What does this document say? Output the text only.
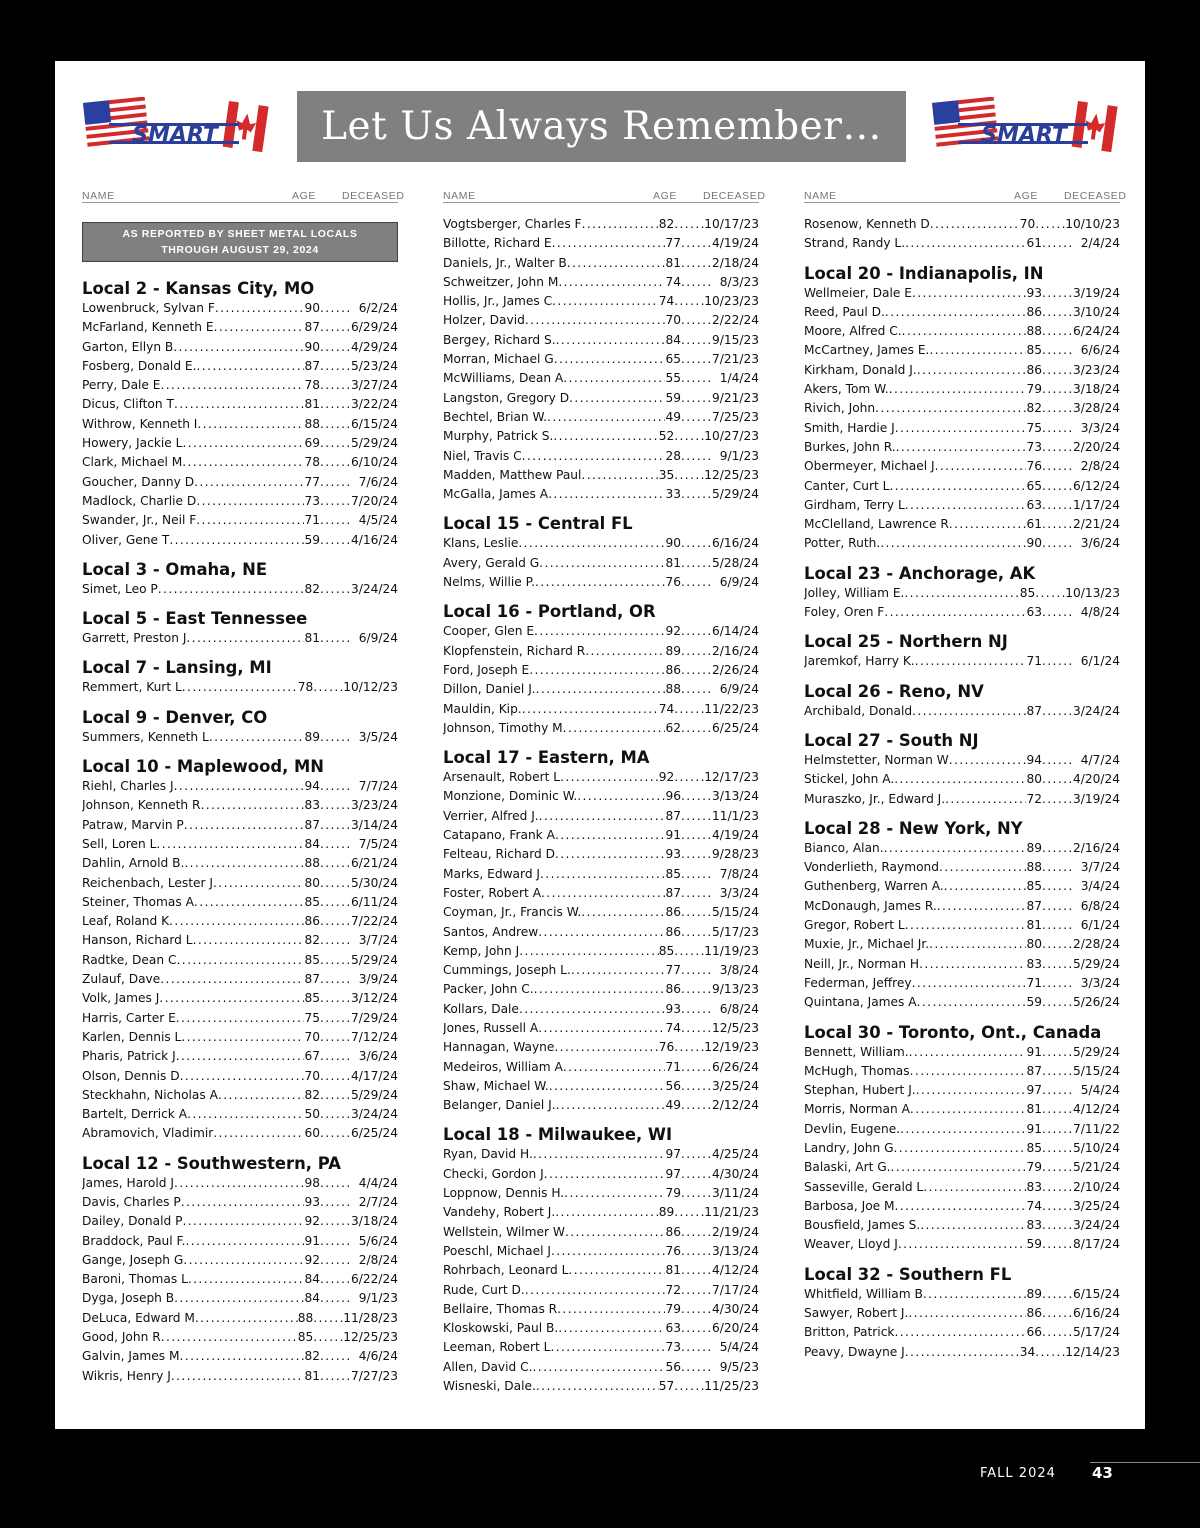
SMART	Let Us Always Remember…	SMART
NAME	AGE	DECEASED
AS REPORTED BY SHEET METAL LOCALS
THROUGH AUGUST 29, 2024
Local 2 - Kansas City, MO
Lowenbruck, Sylvan F .....	90 .....	6/2/24
McFarland, Kenneth E .....	87 .....	6/29/24
Garton, Ellyn B .....	90 .....	4/29/24
Fosberg, Donald E. .....	87 .....	5/23/24
Perry, Dale E .....	78 .....	3/27/24
Dicus, Clifton T .....	81 .....	3/22/24
Withrow, Kenneth I .....	88 .....	6/15/24
Howery, Jackie L .....	69 .....	5/29/24
Clark, Michael M .....	78 .....	6/10/24
Goucher, Danny D .....	77 .....	7/6/24
Madlock, Charlie D .....	73 .....	7/20/24
Swander, Jr., Neil F .....	71 .....	4/5/24
Oliver, Gene T .....	59 .....	4/16/24
Local 3 - Omaha, NE
Simet, Leo P .....	82 .....	3/24/24
Local 5 - East Tennessee
Garrett, Preston J .....	81 .....	6/9/24
Local 7 - Lansing, MI
Remmert, Kurt L .....	78 ..... 10/12/23
Local 9 - Denver, CO
Summers, Kenneth L .....	89 .....	3/5/24
Local 10 - Maplewood, MN
Riehl, Charles J .....	94 .....	7/7/24
Johnson, Kenneth R .....	83 .....	3/23/24
Patraw, Marvin P .....	87 .....	3/14/24
Sell, Loren L .....	84 .....	7/5/24
Dahlin, Arnold B. .....	88 .....	6/21/24
Reichenbach, Lester J .....	80 .....	5/30/24
Steiner, Thomas A .....	85 .....	6/11/24
Leaf, Roland K .....	86 .....	7/22/24
Hanson, Richard L .....	82 .....	3/7/24
Radtke, Dean C .....	85 .....	5/29/24
Zulauf, Dave .....	87 .....	3/9/24
Volk, James J .....	85 .....	3/12/24
Harris, Carter E .....	75 .....	7/29/24
Karlen, Dennis L .....	70 .....	7/12/24
Pharis, Patrick J .....	67 .....	3/6/24
Olson, Dennis D .....	70 .....	4/17/24
Steckhahn, Nicholas A .....	82 .....	5/29/24
Bartelt, Derrick A .....	50 .....	3/24/24
Abramovich, Vladimir .....	60 .....	6/25/24
Local 12 - Southwestern, PA
James, Harold J .....	98 .....	4/4/24
Davis, Charles P .....	93 .....	2/7/24
Dailey, Donald P .....	92 .....	3/18/24
Braddock, Paul F. .....	91 .....	5/6/24
Gange, Joseph G .....	92 .....	2/8/24
Baroni, Thomas L .....	84 .....	6/22/24
Dyga, Joseph B .....	84 .....	9/1/23
DeLuca, Edward M .....	88 ..... 11/28/23
Good, John R .....	85 ..... 12/25/23
Galvin, James M .....	82 .....	4/6/24
Wikris, Henry J .....	81 .....	7/27/23
NAME	AGE	DECEASED
Vogtsberger, Charles F .....	82 ..... 10/17/23
Billotte, Richard E .....	77 .....	4/19/24
Daniels, Jr., Walter B .....	81 .....	2/18/24
Schweitzer, John M .....	74 .....	8/3/23
Hollis, Jr., James C .....	74 ..... 10/23/23
Holzer, David .....	70 .....	2/22/24
Bergey, Richard S. .....	84 .....	9/15/23
Morran, Michael G .....	65 .....	7/21/23
McWilliams, Dean A .....	55 .....	1/4/24
Langston, Gregory D .....	59 .....	9/21/23
Bechtel, Brian W. .....	49 .....	7/25/23
Murphy, Patrick S. .....	52 ..... 10/27/23
Niel, Travis C .....	28 .....	9/1/23
Madden, Matthew Paul .....	35 ..... 12/25/23
McGalla, James A .....	33 .....	5/29/24
Local 15 - Central FL
Klans, Leslie .....	90 .....	6/16/24
Avery, Gerald G .....	81 .....	5/28/24
Nelms, Willie P. .....	76 .....	6/9/24
Local 16 - Portland, OR
Cooper, Glen E .....	92 .....	6/14/24
Klopfenstein, Richard R .....	89 .....	2/16/24
Ford, Joseph E .....	86 .....	2/26/24
Dillon, Daniel J. .....	88 .....	6/9/24
Mauldin, Kip. .....	74 ..... 11/22/23
Johnson, Timothy M .....	62 .....	6/25/24
Local 17 - Eastern, MA
Arsenault, Robert L .....	92 ..... 12/17/23
Monzione, Dominic W. .....	96 .....	3/13/24
Verrier, Alfred J. .....	87 .....	11/1/23
Catapano, Frank A .....	91 .....	4/19/24
Felteau, Richard D .....	93 .....	9/28/23
Marks, Edward J .....	85 .....	7/8/24
Foster, Robert A .....	87 .....	3/3/24
Coyman, Jr., Francis W. .....	86 .....	5/15/24
Santos, Andrew .....	86 .....	5/17/23
Kemp, John J .....	85 ..... 11/19/23
Cummings, Joseph L. .....	77 .....	3/8/24
Packer, John C. .....	86 .....	9/13/23
Kollars, Dale .....	93 .....	6/8/24
Jones, Russell A .....	74 .....	12/5/23
Hannagan, Wayne .....	76 ..... 12/19/23
Medeiros, William A .....	71 .....	6/26/24
Shaw, Michael W. .....	56 .....	3/25/24
Belanger, Daniel J. .....	49 .....	2/12/24
Local 18 - Milwaukee, WI
Ryan, David H. .....	97 .....	4/25/24
Checki, Gordon J .....	97 .....	4/30/24
Loppnow, Dennis H. .....	79 .....	3/11/24
Vandehy, Robert J. .....	89 ..... 11/21/23
Wellstein, Wilmer W .....	86 .....	2/19/24
Poeschl, Michael J .....	76 .....	3/13/24
Rohrbach, Leonard L .....	81 .....	4/12/24
Rude, Curt D. .....	72 .....	7/17/24
Bellaire, Thomas R .....	79 .....	4/30/24
Kloskowski, Paul B. .....	63 .....	6/20/24
Leeman, Robert L .....	73 .....	5/4/24
Allen, David C. .....	56 .....	9/5/23
Wisneski, Dale. .....	57 ..... 11/25/23
NAME	AGE	DECEASED
Rosenow, Kenneth D .....	70 ..... 10/10/23
Strand, Randy L. .....	61 .....	2/4/24
Local 20 - Indianapolis, IN
Wellmeier, Dale E .....	93 .....	3/19/24
Reed, Paul D. .....	86 .....	3/10/24
Moore, Alfred C. .....	88 .....	6/24/24
McCartney, James E. .....	85 .....	6/6/24
Kirkham, Donald J. .....	86 .....	3/23/24
Akers, Tom W. .....	79 .....	3/18/24
Rivich, John .....	82 .....	3/28/24
Smith, Hardie J .....	75 .....	3/3/24
Burkes, John R. .....	73 .....	2/20/24
Obermeyer, Michael J .....	76 .....	2/8/24
Canter, Curt L .....	65 .....	6/12/24
Girdham, Terry L .....	63 .....	1/17/24
McClelland, Lawrence R .....	61 .....	2/21/24
Potter, Ruth. .....	90 .....	3/6/24
Local 23 - Anchorage, AK
Jolley, William E. .....	85 ..... 10/13/23
Foley, Oren F .....	63 .....	4/8/24
Local 25 - Northern NJ
Jaremkof, Harry K. .....	71 .....	6/1/24
Local 26 - Reno, NV
Archibald, Donald .....	87 .....	3/24/24
Local 27 - South NJ
Helmstetter, Norman W .....	94 .....	4/7/24
Stickel, John A. .....	80 .....	4/20/24
Muraszko, Jr., Edward J. .....	72 .....	3/19/24
Local 28 - New York, NY
Bianco, Alan. .....	89 .....	2/16/24
Vonderlieth, Raymond .....	88 .....	3/7/24
Guthenberg, Warren A. .....	85 .....	3/4/24
McDonaugh, James R. .....	87 .....	6/8/24
Gregor, Robert L .....	81 .....	6/1/24
Muxie, Jr., Michael Jr. .....	80 .....	2/28/24
Neill, Jr., Norman H .....	83 .....	5/29/24
Federman, Jeffrey .....	71 .....	3/3/24
Quintana, James A .....	59 .....	5/26/24
Local 30 - Toronto, Ont., Canada
Bennett, William. .....	91 .....	5/29/24
McHugh, Thomas .....	87 .....	5/15/24
Stephan, Hubert J. .....	97 .....	5/4/24
Morris, Norman A .....	81 .....	4/12/24
Devlin, Eugene. .....	91 .....	7/11/22
Landry, John G .....	85 .....	5/10/24
Balaski, Art G. .....	79 .....	5/21/24
Sasseville, Gerald L .....	83 .....	2/10/24
Barbosa, Joe M .....	74 .....	3/25/24
Bousfield, James S. .....	83 .....	3/24/24
Weaver, Lloyd J .....	59 .....	8/17/24
Local 32 - Southern FL
Whitfield, William B .....	89 .....	6/15/24
Sawyer, Robert J. .....	86 .....	6/16/24
Britton, Patrick .....	66 .....	5/17/24
Peavy, Dwayne J .....	34 ..... 12/14/23
FALL 2024 43
